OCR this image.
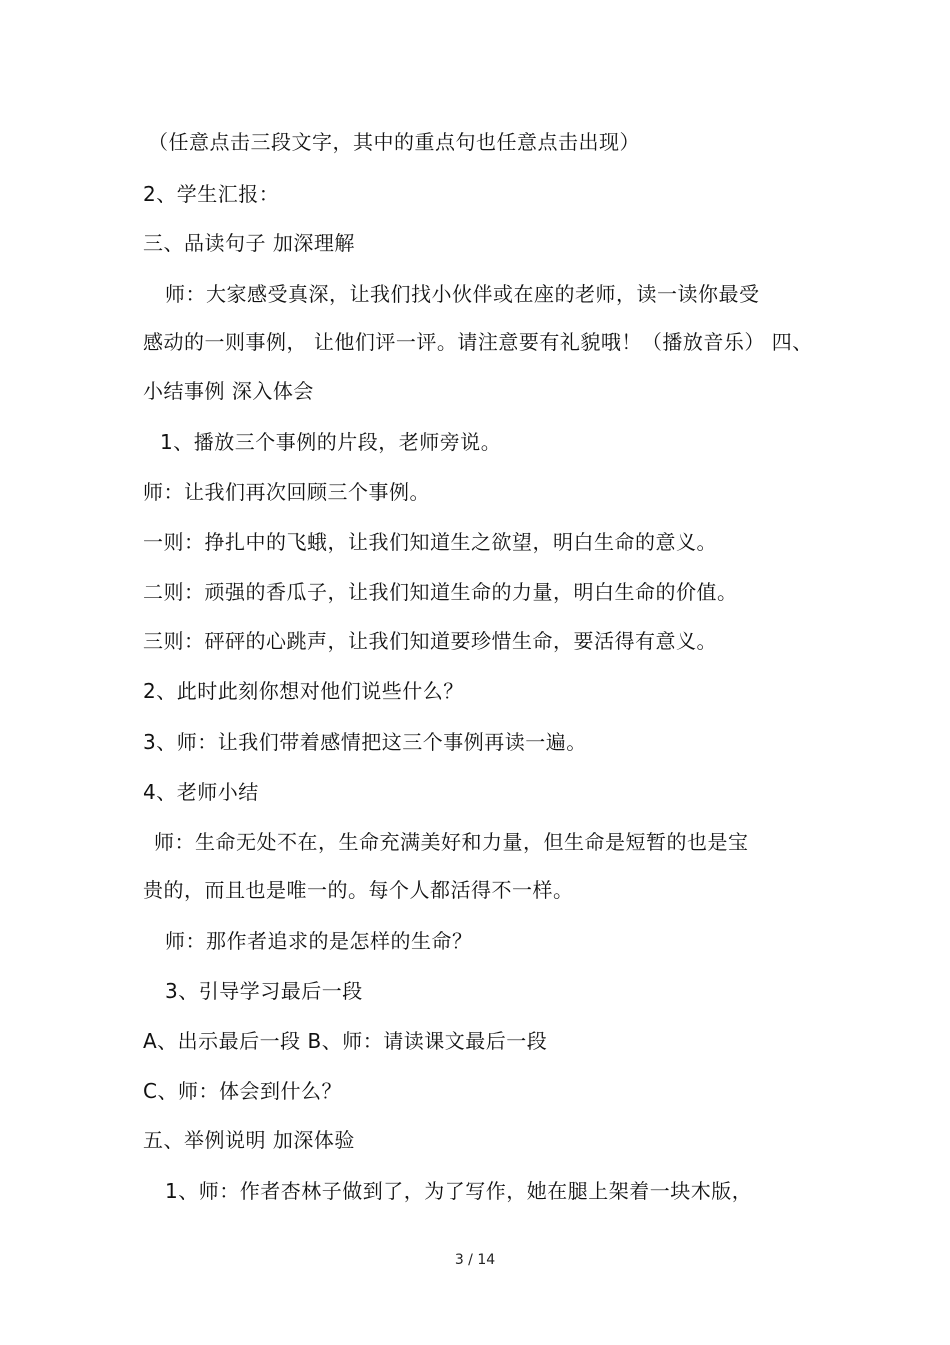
（任意点击三段文字，其中的重点句也任意点击出现）
2、学生汇报：
三、品读句子 加深理解
师：大家感受真深，让我们找小伙伴或在座的老师，读一读你最受
感动的一则事例， 让他们评一评。请注意要有礼貌哦！（播放音乐） 四、
小结事例 深入体会
1、播放三个事例的片段，老师旁说。
师：让我们再次回顾三个事例。
一则：挣扎中的飞蛾，让我们知道生之欲望，明白生命的意义。
二则：顽强的香瓜子，让我们知道生命的力量，明白生命的价值。
三则：砰砰的心跳声，让我们知道要珍惜生命，要活得有意义。
2、此时此刻你想对他们说些什么？
3、师：让我们带着感情把这三个事例再读一遍。
4、老师小结
师：生命无处不在，生命充满美好和力量，但生命是短暂的也是宝
贵的，而且也是唯一的。每个人都活得不一样。
师：那作者追求的是怎样的生命？
3、引导学习最后一段
A、出示最后一段 B、师：请读课文最后一段
C、师：体会到什么？
五、举例说明 加深体验
1、师：作者杏林子做到了，为了写作，她在腿上架着一块木版，
3 / 14
